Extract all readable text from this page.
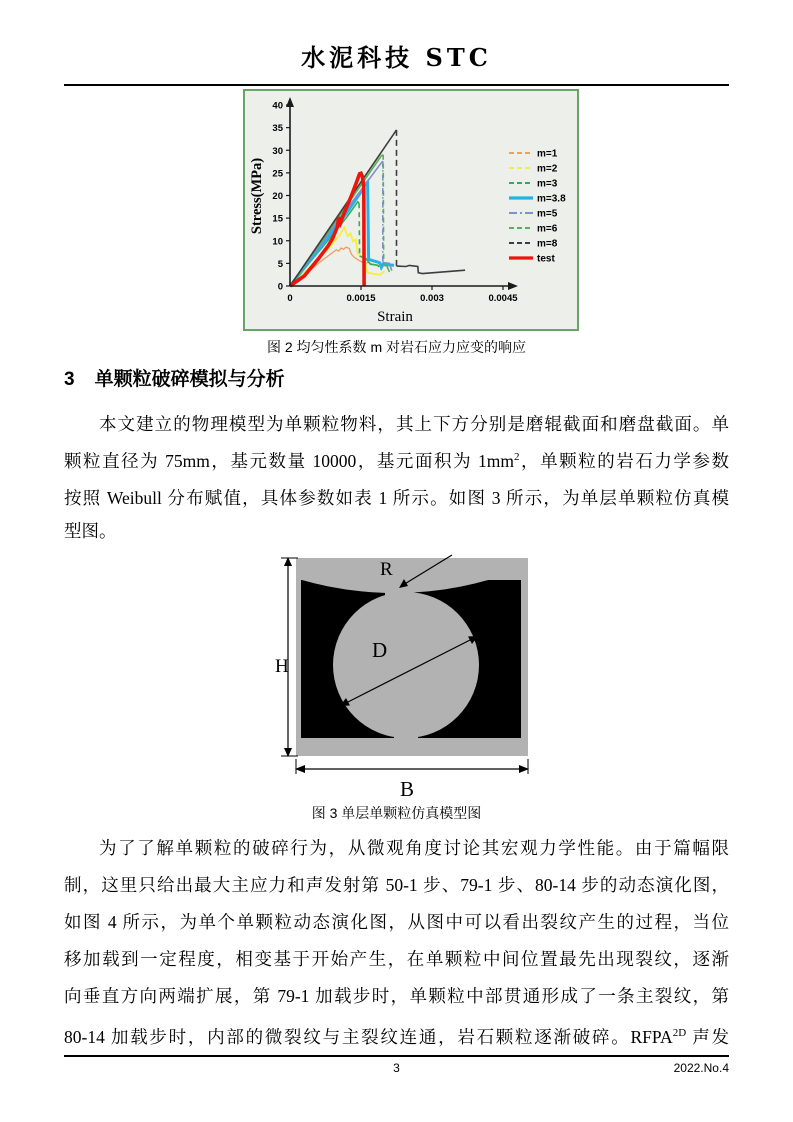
水泥科技 STC
0
5
10
15
20
25
30
35
40
0	0.0015	0.003	0.0045
m=1
m=2
m=3
m=3.8
m=5
m=6
m=8
test
Strain
Stress(MPa)
图 2 均匀性系数 m 对岩石应力应变的响应
3 单颗粒破碎模拟与分析
本文建立的物理模型为单颗粒物料，其上下方分别是磨辊截面和磨盘截面。单
颗粒直径为 75mm，基元数量 10000，基元面积为 $1mm^2$，单颗粒的岩石力学参数
按照 Weibull 分布赋值，具体参数如表 1 所示。如图 3 所示，为单层单颗粒仿真模
型图。
H
B
D
R
图 3 单层单颗粒仿真模型图
为了了解单颗粒的破碎行为，从微观角度讨论其宏观力学性能。由于篇幅限
制，这里只给出最大主应力和声发射第 50-1 步、79-1 步、80-14 步的动态演化图，
如图 4 所示，为单个单颗粒动态演化图，从图中可以看出裂纹产生的过程，当位
移加载到一定程度，相变基于开始产生，在单颗粒中间位置最先出现裂纹，逐渐
向垂直方向两端扩展，第 79-1 加载步时，单颗粒中部贯通形成了一条主裂纹，第
80-14 加载步时，内部的微裂纹与主裂纹连通，岩石颗粒逐渐破碎。$RFPA^{2D}$ 声发
3	2022.No.4
